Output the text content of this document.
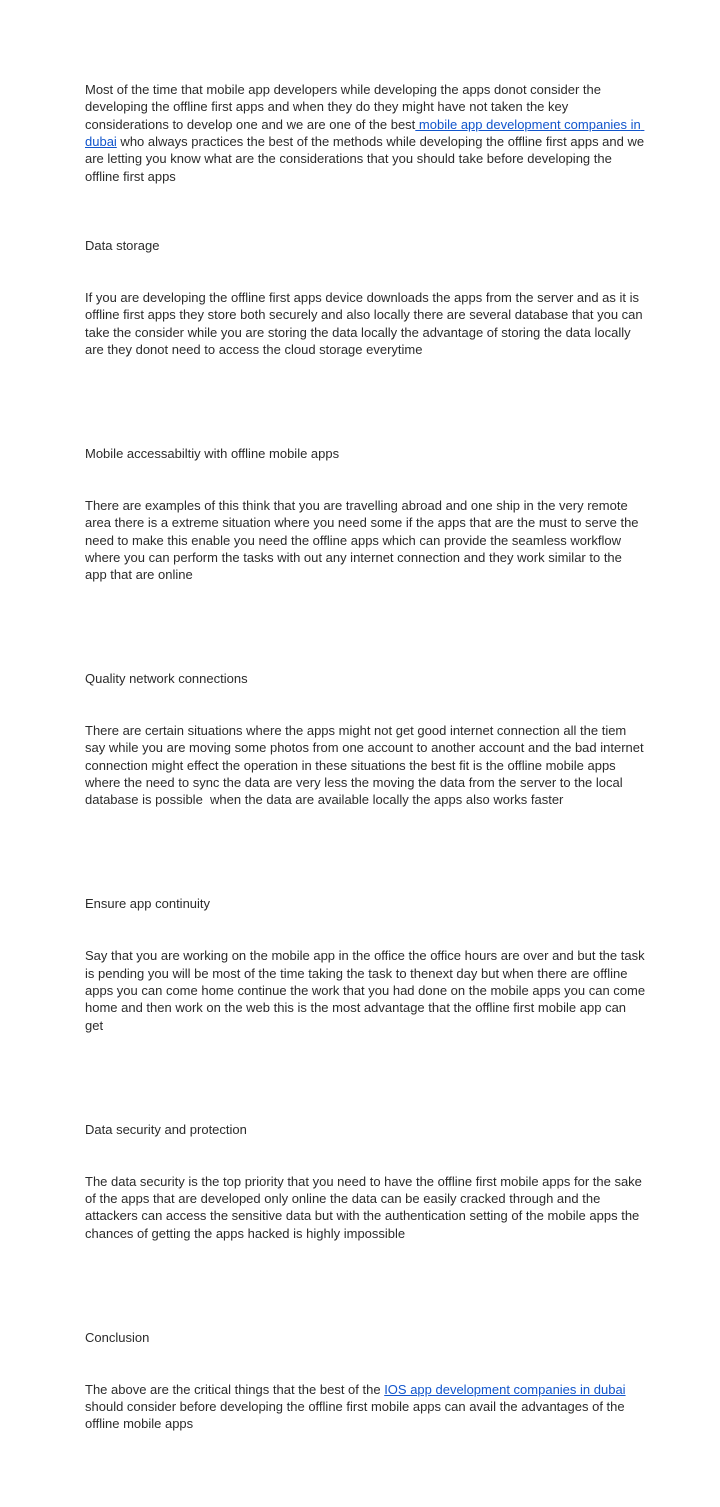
Most of the time that mobile app developers while developing the apps donot consider the developing the offline first apps and when they do they might have not taken the key considerations to develop one and we are one of the best mobile app development companies in dubai who always practices the best of the methods while developing the offline first apps and we are letting you know what are the considerations that you should take before developing the offline first apps

Data storage

If you are developing the offline first apps device downloads the apps from the server and as it is offline first apps they store both securely and also locally there are several database that you can take the consider while you are storing the data locally the advantage of storing the data locally are they donot need to access the cloud storage everytime

Mobile accessabiltiy with offline mobile apps

There are examples of this think that you are travelling abroad and one ship in the very remote area there is a extreme situation where you need some if the apps that are the must to serve the need to make this enable you need the offline apps which can provide the seamless workflow where you can perform the tasks with out any internet connection and they work similar to the app that are online

Quality network connections

There are certain situations where the apps might not get good internet connection all the tiem say while you are moving some photos from one account to another account and the bad internet connection might effect the operation in these situations the best fit is the offline mobile apps where the need to sync the data are very less the moving the data from the server to the local database is possible  when the data are available locally the apps also works faster

Ensure app continuity

Say that you are working on the mobile app in the office the office hours are over and but the task is pending you will be most of the time taking the task to thenext day but when there are offline apps you can come home continue the work that you had done on the mobile apps you can come home and then work on the web this is the most advantage that the offline first mobile app can get

Data security and protection

The data security is the top priority that you need to have the offline first mobile apps for the sake of the apps that are developed only online the data can be easily cracked through and the attackers can access the sensitive data but with the authentication setting of the mobile apps the chances of getting the apps hacked is highly impossible

Conclusion

The above are the critical things that the best of the IOS app development companies in dubai should consider before developing the offline first mobile apps can avail the advantages of the offline mobile apps
